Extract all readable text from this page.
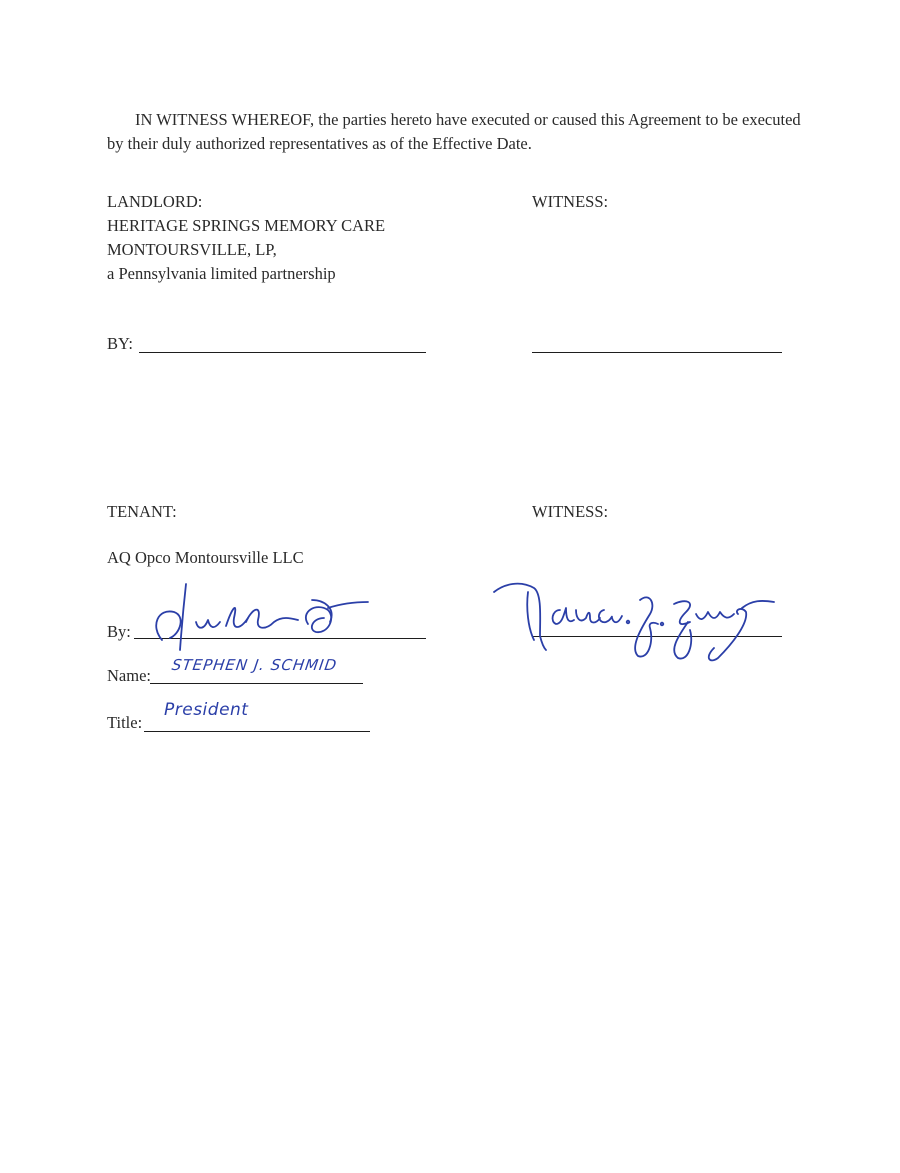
IN WITNESS WHEREOF, the parties hereto have executed or caused this Agreement to be executed by their duly authorized representatives as of the Effective Date.
LANDLORD:
HERITAGE SPRINGS MEMORY CARE
MONTOURSVILLE, LP,
a Pennsylvania limited partnership
WITNESS:
BY:
TENANT:	WITNESS:
AQ Opco Montoursville LLC
By:
Name:
STEPHEN J. SCHMID
Title:
President
